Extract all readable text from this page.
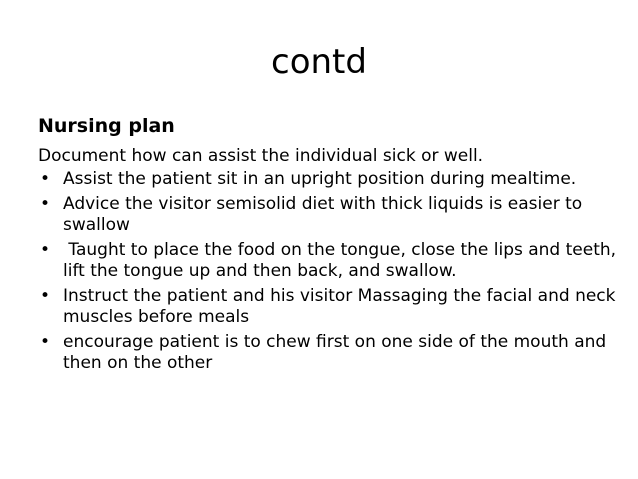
contd
Nursing plan
Document how can assist the individual sick or well.
• Assist the patient sit in an upright position during mealtime.
• Advice the visitor semisolid diet with thick liquids is easier to swallow
• Taught to place the food on the tongue, close the lips and teeth, lift the tongue up and then back, and swallow.
• Instruct the patient and his visitor Massaging the facial and neck muscles before meals
• encourage patient is to chew first on one side of the mouth and then on the other
